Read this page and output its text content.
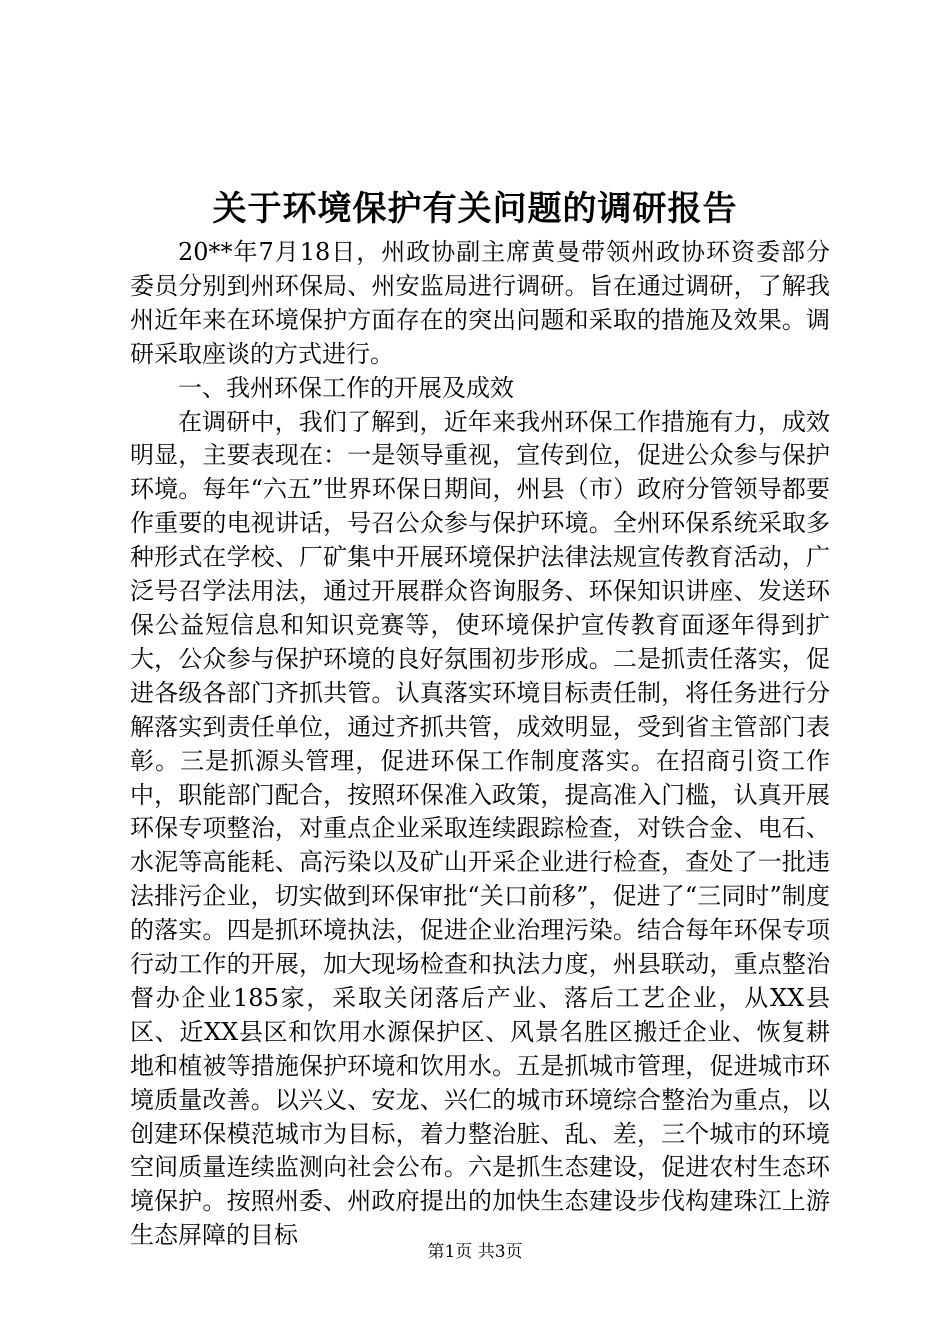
关于环境保护有关问题的调研报告

20**年7月18日，州政协副主席黄曼带领州政协环资委部分委员分别到州环保局、州安监局进行调研。旨在通过调研，了解我州近年来在环境保护方面存在的突出问题和采取的措施及效果。调研采取座谈的方式进行。

一、我州环保工作的开展及成效

在调研中，我们了解到，近年来我州环保工作措施有力，成效明显，主要表现在：一是领导重视，宣传到位，促进公众参与保护环境。每年“六五”世界环保日期间，州县（市）政府分管领导都要作重要的电视讲话，号召公众参与保护环境。全州环保系统采取多种形式在学校、厂矿集中开展环境保护法律法规宣传教育活动，广泛号召学法用法，通过开展群众咨询服务、环保知识讲座、发送环保公益短信息和知识竞赛等，使环境保护宣传教育面逐年得到扩大，公众参与保护环境的良好氛围初步形成。二是抓责任落实，促进各级各部门齐抓共管。认真落实环境目标责任制，将任务进行分解落实到责任单位，通过齐抓共管，成效明显，受到省主管部门表彰。三是抓源头管理，促进环保工作制度落实。在招商引资工作中，职能部门配合，按照环保准入政策，提高准入门槛，认真开展环保专项整治，对重点企业采取连续跟踪检查，对铁合金、电石、水泥等高能耗、高污染以及矿山开采企业进行检查，查处了一批违法排污企业，切实做到环保审批“关口前移”，促进了“三同时”制度的落实。四是抓环境执法，促进企业治理污染。结合每年环保专项行动工作的开展，加大现场检查和执法力度，州县联动，重点整治督办企业185家，采取关闭落后产业、落后工艺企业，从XX县区、近XX县区和饮用水源保护区、风景名胜区搬迁企业、恢复耕地和植被等措施保护环境和饮用水。五是抓城市管理，促进城市环境质量改善。以兴义、安龙、兴仁的城市环境综合整治为重点，以创建环保模范城市为目标，着力整治脏、乱、差，三个城市的环境空间质量连续监测向社会公布。六是抓生态建设，促进农村生态环境保护。按照州委、州政府提出的加快生态建设步伐构建珠江上游生态屏障的目标

第1页 共3页
